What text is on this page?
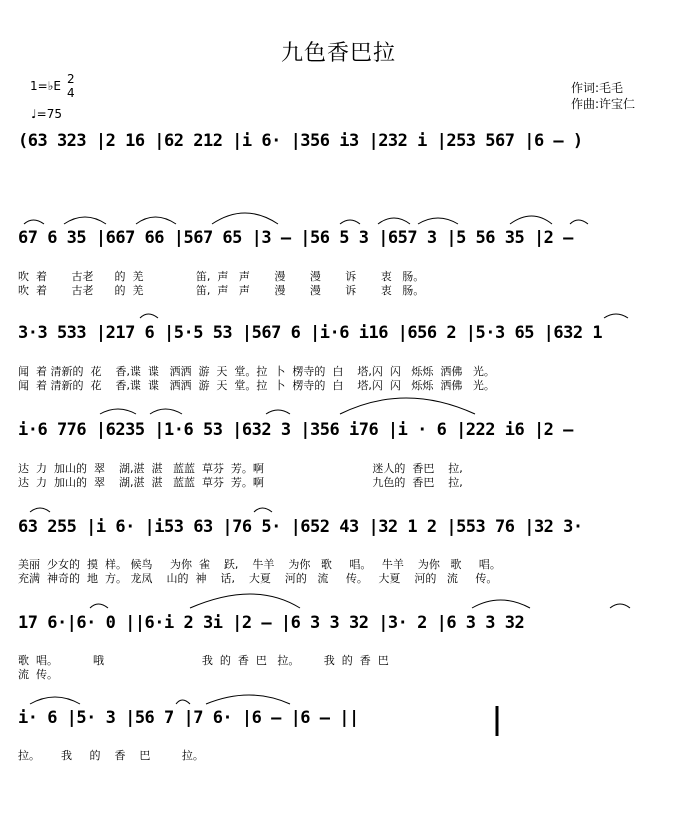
九色香巴拉
1=♭E 2
4
♩=75
作词:毛毛
作曲:许宝仁
(63 323 |2 16 |62 212 |i 6· |356 i3 |232 i |253 567 |6 — )
67 6 35 |667 66 |567 65 |3 — |56 5 3 |657 3 |5 56 35 |2 —
吹  着       古老      的  羌               笛,  声   声       漫       漫       诉       衷   肠。
吹  着       古老      的  羌               笛,  声   声       漫       漫       诉       衷   肠。
3·3 533 |217 6 |5·5 53 |567 6 |i·6 i16 |656 2 |5·3 65 |632 1
闻  着 清新的  花    香,谍  谍   洒洒  游  天  堂。拉  卜  楞寺的  白    塔,闪  闪   烁烁  洒佛   光。
闻  着 清新的  花    香,谍  谍   洒洒  游  天  堂。拉  卜  楞寺的  白    塔,闪  闪   烁烁  洒佛   光。
i·6 776 |6235 |1·6 53 |632 3 |356 i76 |i · 6 |222 i6 |2 —
达  力  加山的  翠    湖,湛  湛   蓝蓝  草芬  芳。啊                               迷人的  香巴    拉,
达  力  加山的  翠    湖,湛  湛   蓝蓝  草芬  芳。啊                               九色的  香巴    拉,
63 255 |i 6· |i53 63 |76 5· |652 43 |32 1 2 |553 76 |32 3·
美丽  少女的  摸  样。 候鸟     为你  雀    跃,    牛羊    为你   歌     唱。   牛羊    为你   歌     唱。
充满  神奇的  地  方。 龙凤    山的  神    话,    大夏    河的   流     传。   大夏    河的   流     传。
17 6·|6· 0 ||6·i 2 3i |2 — |6 3 3 32 |3· 2 |6 3 3 32
歌  唱。          哦                            我  的  香  巴   拉。       我  的  香  巴
流  传。
i· 6 |5· 3 |56 7 |7 6· |6 — |6 — ||
拉。      我     的    香    巴         拉。
